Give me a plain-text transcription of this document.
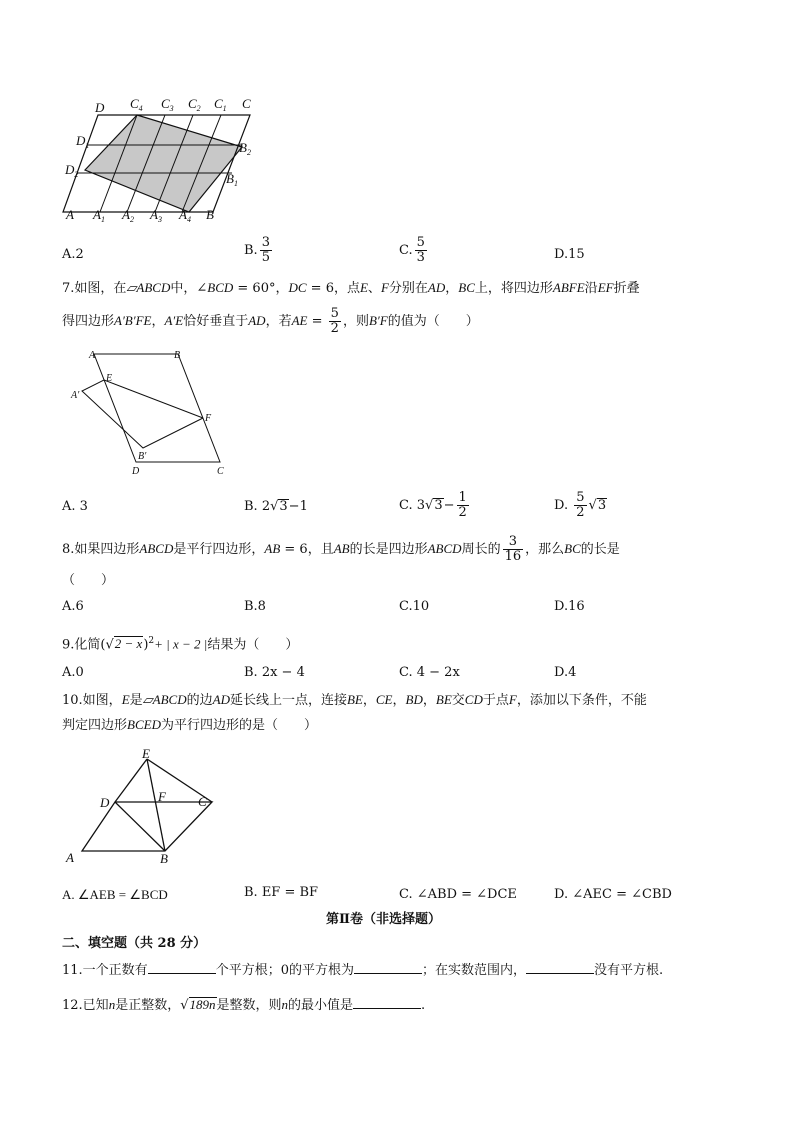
D $C_4$ $C_3$ $C_2$ $C_1$ C
$D_1$
$D_2$
$B_2$
$B_1$
A $A_1$ $A_2$ $A_3$ $A_4$ B
A.2	B. $\frac{3}{5}$	C. $\frac{5}{3}$	D.15
7.如图，在▱ABCD中，∠BCD = 60°，DC = 6，点E、F分别在AD，BC上，将四边形ABFE沿EF折叠
得四边形A′B′FE，A′E恰好垂直于AD，若AE = $\frac{5}{2}$ ，则B′F的值为（　　）
A	B
E
A′
F
B′
D	C
A. 3	B. 2√3−1	C. $3√3- \frac{1}{2}$	D. $\frac{5}{2} √3$
8.如果四边形ABCD是平行四边形，AB = 6，且AB的长是四边形ABCD周长的 $\frac{3}{16}$ ，那么BC的长是
（　　）
A.6	B.8	C.10	D.16
9.化简$(√2 - x)^2+$ | x − 2 |结果为（　　）
A.0	B. 2x − 4	C. 4 − 2x	D.4
10.如图，E是▱ABCD的边AD延长线上一点，连接BE，CE，BD，BE交CD于点F，添加以下条件，不能
判定四边形BCED为平行四边形的是（　　）
E
D	F C
A	B
A. ∠AEB = ∠BCD	B. EF = BF	C. ∠ABD = ∠DCE	D. ∠AEC = ∠CBD
第Ⅱ卷（非选择题）
二、填空题（共 28 分）
11.一个正数有	个平方根；0的平方根为	；在实数范围内，	没有平方根.
12.已知n是正整数，√189n是整数，则n的最小值是	.
